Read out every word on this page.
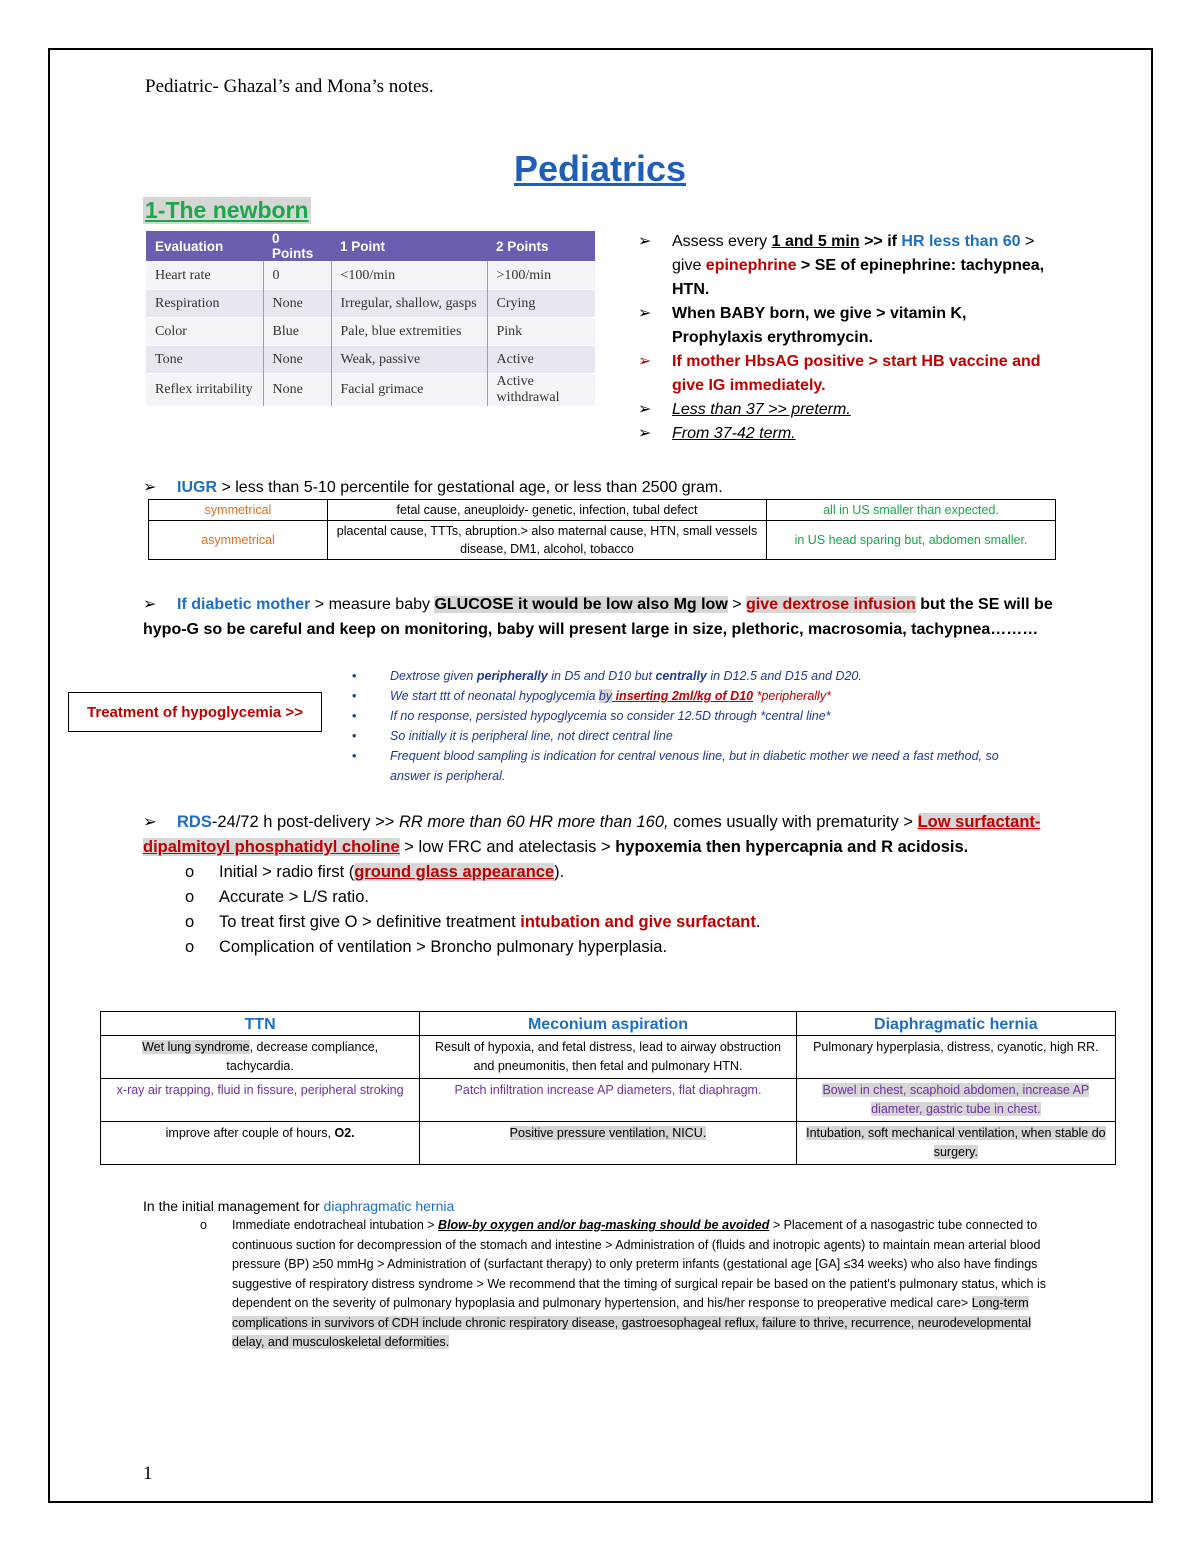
Pediatric- Ghazal’s and Mona’s notes.
Pediatrics
1-The newborn
Evaluation	0 Points	1 Point	2 Points
Heart rate	0	<100/min	>100/min
Respiration	None	Irregular, shallow, gasps	Crying
Color	Blue	Pale, blue extremities	Pink
Tone	None	Weak, passive	Active
Reflex irritability	None	Facial grimace	Active withdrawal
➢	Assess every 1 and 5 min >> if HR less than 60 > give epinephrine > SE of epinephrine: tachypnea, HTN.
➢	When BABY born, we give > vitamin K, Prophylaxis erythromycin.
➢	If mother HbsAG positive > start HB vaccine and give IG immediately.
➢	Less than 37 >> preterm.
➢	From 37-42 term.
➢ IUGR > less than 5-10 percentile for gestational age, or less than 2500 gram.
symmetrical	fetal cause, aneuploidy- genetic, infection, tubal defect	all in US smaller than expected.
asymmetrical	placental cause, TTTs, abruption.> also maternal cause, HTN, small vessels disease, DM1, alcohol, tobacco	in US head sparing but, abdomen smaller.
➢ If diabetic mother > measure baby GLUCOSE it would be low also Mg low > give dextrose infusion but the SE will be hypo-G so be careful and keep on monitoring, baby will present large in size, plethoric, macrosomia, tachypnea………
Treatment of hypoglycemia >>
•	Dextrose given peripherally in D5 and D10 but centrally in D12.5 and D15 and D20.
•	We start ttt of neonatal hypoglycemia by inserting 2ml/kg of D10 *peripherally*
•	If no response, persisted hypoglycemia so consider 12.5D through *central line*
•	So initially it is peripheral line, not direct central line
•	Frequent blood sampling is indication for central venous line, but in diabetic mother we need a fast method, so answer is peripheral.
➢ RDS-24/72 h post-delivery >> RR more than 60 HR more than 160, comes usually with prematurity > Low surfactant- dipalmitoyl phosphatidyl choline > low FRC and atelectasis > hypoxemia then hypercapnia and R acidosis.
o	Initial > radio first (ground glass appearance).
o	Accurate > L/S ratio.
o	To treat first give O > definitive treatment intubation and give surfactant.
o	Complication of ventilation > Broncho pulmonary hyperplasia.
TTN	Meconium aspiration	Diaphragmatic hernia
Wet lung syndrome, decrease compliance, tachycardia.	Result of hypoxia, and fetal distress, lead to airway obstruction and pneumonitis, then fetal and pulmonary HTN.	Pulmonary hyperplasia, distress, cyanotic, high RR.
x-ray air trapping, fluid in fissure, peripheral stroking	Patch infiltration increase AP diameters, flat diaphragm.	Bowel in chest, scaphoid abdomen, increase AP diameter, gastric tube in chest.
improve after couple of hours, O2.	Positive pressure ventilation, NICU.	Intubation, soft mechanical ventilation, when stable do surgery.
In the initial management for diaphragmatic hernia
o	Immediate endotracheal intubation > Blow-by oxygen and/or bag-masking should be avoided > Placement of a nasogastric tube connected to continuous suction for decompression of the stomach and intestine > Administration of (fluids and inotropic agents) to maintain mean arterial blood pressure (BP) ≥50 mmHg > Administration of (surfactant therapy) to only preterm infants (gestational age [GA] ≤34 weeks) who also have findings suggestive of respiratory distress syndrome > We recommend that the timing of surgical repair be based on the patient's pulmonary status, which is dependent on the severity of pulmonary hypoplasia and pulmonary hypertension, and his/her response to preoperative medical care> Long-term complications in survivors of CDH include chronic respiratory disease, gastroesophageal reflux, failure to thrive, recurrence, neurodevelopmental delay, and musculoskeletal deformities.
1
